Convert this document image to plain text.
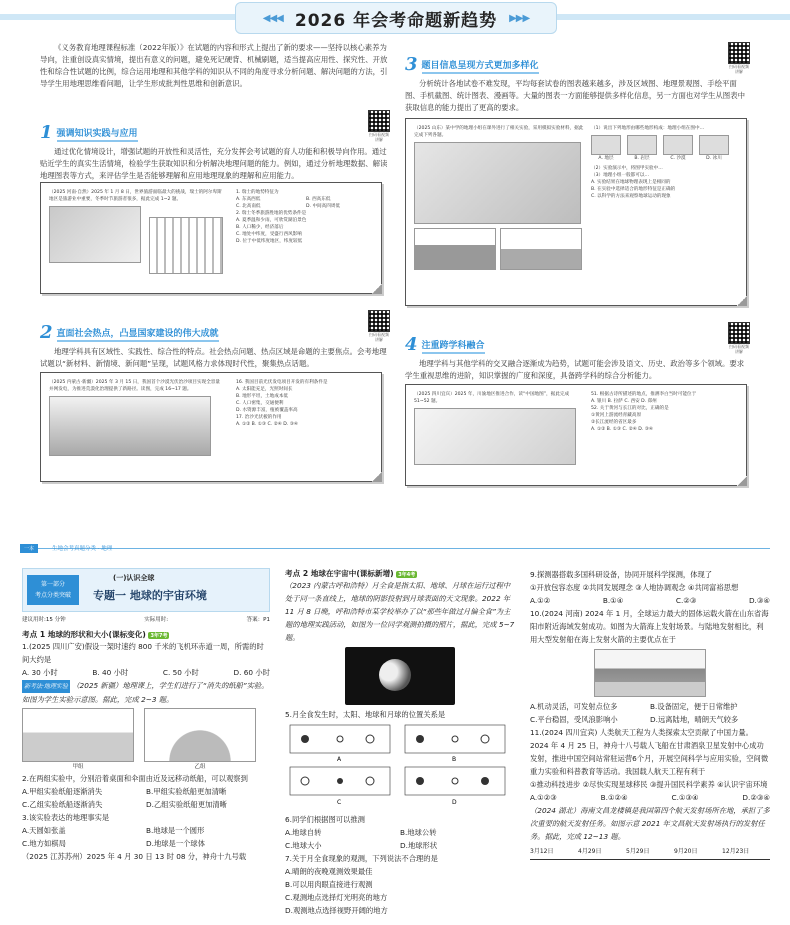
◀◀◀ 2026 年会考命题新趋势 ▶▶▶

《义务教育地理课程标准（2022年版）》在试题的内容和形式上提出了新的要求——坚持以核心素养为导向，注重创设真实情境，提出有意义的问题，避免死记硬背、机械刷题，适当提高应用性、探究性、开放性和综合性试题的比例，综合运用地理和其他学科的知识从不同的角度寻求分析问题、解决问题的方法，引导学生用地理思维看问题，让学生形成批判性思维和创新意识。

1 强调知识实践与应用	扫码看视频讲解

通过优化情境设计，增强试题的开放性和灵活性，充分发挥会考试题的育人功能和积极导向作用。通过贴近学生的真实生活情境，检验学生获取知识和分析解决地理问题的能力。例如，通过分析地理数据、解读地理图表等方式，来评估学生是否能够理解和应用地理现象的理解和应用能力。

（2025 河南·自然）2025 年 1 月 8 日，世界旅游面临最大的挑战，瑞士的阿尔卑斯地区是旅游业中重要，冬季时节旅游者很多，据此完成 1~2 题。
1. 瑞士的地势特征为
A. 东高西低	B. 西高东低
C. 北高南低	D. 中间高四周低
2. 瑞士冬季旅游胜地的优势条件是
A. 夏季温和少雨，可欣赏湖泊景色
B. 人口稀少，经济落后
C. 地处中纬度，受盛行西风影响
D. 位于中低纬度地区，纬度较低
2 直面社会热点，凸显国家建设的伟大成就	扫码看视频讲解

地理学科具有区域性、实践性、综合性的特点。社会热点问题、热点区域是命题的主要焦点。会考地理试题以“新材料、新情境、新问题”呈现，试题风格力求体现时代性，聚集热点话题。

（2025 内蒙古·新疆）2025 年 3 月 15 日，我国首个沙漠光伏治沙项目实现全容量并网发电，为推进荒漠化治理提供了新路径。读图，完成 16~17 题。
16. 我国目前光伏发电项目开发的有利条件是
A. 太阳能充足，光照时间长
B. 地形平坦，土地成本低
C. 人口密集，交通便利
D. 水资源丰富，植被覆盖率高
17. 治沙光伏板的作用
A. ①② B. ①③ C. ②④ D. ③④
3 题目信息呈现方式更加多样化	扫码看视频讲解

分析统计各地试卷不难发现，平均每套试卷的图表越来越多，涉及区域图、地理景观图、手绘平面图、手机截图、统计图表、漫画等。大量的图表一方面能够提供多样化信息，另一方面也对学生从图表中获取信息的能力提出了更高的要求。

（2025 山东）某中学的地理小组在课外进行了相关实验，采用模拟实验材料，据此完成下列各题。
（1）说出下列地形由哪些地形构成：地理小组在图中…
A. 地层	B. 岩层	C. 沙漠	D. 冰川
（2）实验演示中，将图甲实验中…
（3）地理小组一般都可以…
A. 实验结果在地球物理表现上是相同的
B. 在实验中选择适合的地形特征是正确的
C. 以科学的方法来观察地球运动的现象
4 注重跨学科融合	扫码看视频讲解

地理学科与其他学科的交叉融合逐渐成为趋势，试题可能会涉及语文、历史、政治等多个领域。要求学生重视思维的进阶，知识掌握的广度和深度，具备跨学科的综合分析能力。

（2025 四川宜宾）2025 年，川渝地区推进合作，读“中国地图”，据此完成 51~52 题。
51. 根据古诗所描述的地点，推测李白当时可能位于
A. 银川 B. 拉萨 C. 西安 D. 郑州
52. 关于黄河与长江的对比，正确的是
①黄河上游流经青藏高原
②长江流经的省区最多
A. ①② B. ①③ C. ②④ D. ③④
一本	生地会考真题分类 · 地理
第一部分
考点分类突破
(一)认识全球
专题一 地球的宇宙环境
建议用时:15 分钟	实际用时:	答案：P1
考点 1 地球的形状和大小(课标变化) 3年7考

1.(2025 四川广安)假设一架时速约 800 千米的飞机环赤道一周，所需的时间大约是

A. 30 小时	B. 40 小时	C. 50 小时	D. 60 小时

新考法·地理实验 （2025 新疆）地理课上，学生们进行了“消失的纸船”实验。如图为学生实验示意图。据此，完成 2~3 题。

甲组	乙组

2.在两组实验中，分别沿着桌面和伞面由近及远移动纸船，可以观察到

A.甲组实验纸船逐渐消失	B.甲组实验纸船更加清晰
C.乙组实验纸船逐渐消失	D.乙组实验纸船更加清晰

3.该实验表达的地理事实是

A.天圆如张盖	B.地球是一个圆形
C.地方如棋局	D.地球是一个球体

（2025 江苏苏州）2025 年 4 月 30 日 13 时 08 分，神舟十九号载

考点 2 地球在宇宙中(课标新增) 3年4考

（2023 内蒙古呼和浩特）月全食是指太阳、地球、月球在运行过程中处于同一条直线上，地球的阴影投射到月球表面的天文现象。2022 年 11 月 8 日晚，呼和浩特市某学校举办了以“那些年做过月偏全食”为主题的地理实践活动，如图为一位同学观测拍摄的照片，据此，完成 5~7 题。

5.月全食发生时，太阳、地球和月球的位置关系是

A	B
C	D

6.同学们根据图可以推测

A.地球自转	B.地球公转
C.地球大小	D.地球形状

7.关于月全食现象的观测，下列说法不合理的是

A.晴朗的夜晚观测效果最佳

B.可以用肉眼直接进行观测

C.观测地点选择灯光明亮的地方

D.观测地点选择视野开阔的地方

9.探测器搭载多国科研设备，协同开展科学探测，体现了

①开放包容态度 ②共同发展理念 ③人地协调观念 ④共同富裕思想

A.①②	B.①④	C.②③	D.③④

10.(2024 河南) 2024 年 1 月，全球运力最大的固体运载火箭在山东省海阳市附近海域发射成功。如图为大箭海上发射场景。与陆地发射相比，利用大型发射船在海上发射火箭的主要优点在于

A.机动灵活，可发射点位多	B.设备固定，便于日常维护
C.平台稳固，受风浪影响小	D.远离陆地，晴朗天气较多

11.(2024 四川宜宾) 人类航天工程为人类探索太空贡献了中国力量。2024 年 4 月 25 日，神舟十八号载人飞船在甘肃酒泉卫星发射中心成功发射，推进中国空间站常驻运营6个月，开展空间科学与应用实验，空间微重力实验和科普教育等活动。我国载人航天工程有利于

①推动科技进步 ②尽快实现星球移民 ③提升国民科学素养 ④认识宇宙环境

A.①②③	B.①②④	C.①③④	D.②③④

（2024 湖北）海南文昌龙楼镇是我国第四个航天发射场所在地，承担了多次重要的航天发射任务。如图示意 2021 年文昌航天发射场执行的发射任务。据此，完成 12~13 题。

3月12日	4月29日	5月29日	9月20日	12月23日
